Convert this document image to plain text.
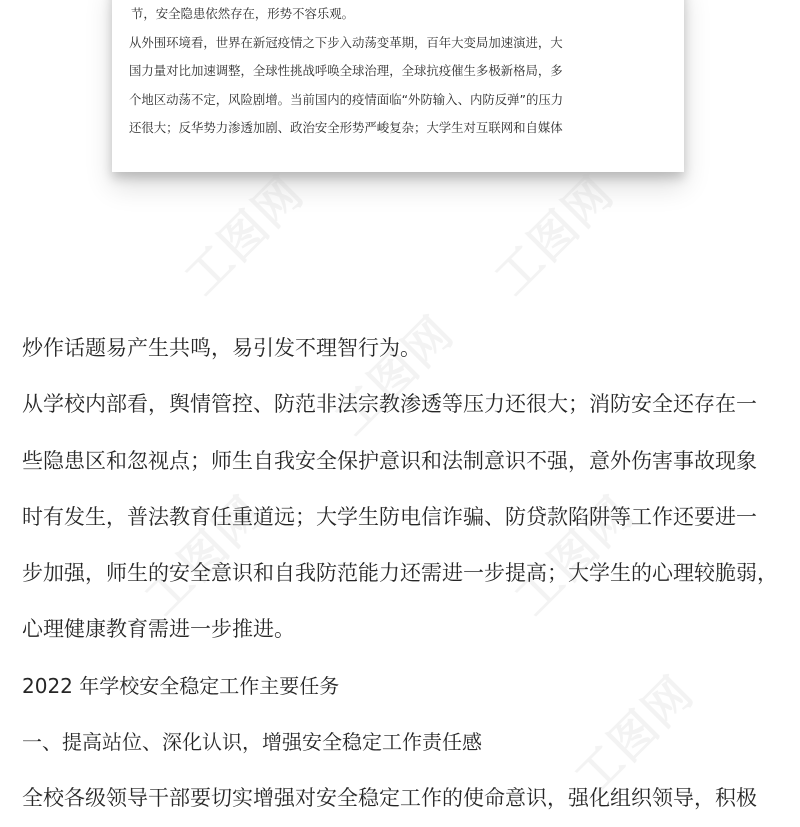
节，安全隐患依然存在，形势不容乐观。
从外围环境看，世界在新冠疫情之下步入动荡变革期，百年大变局加速演进，大
国力量对比加速调整，全球性挑战呼唤全球治理，全球抗疫催生多极新格局，多
个地区动荡不定，风险剧增。当前国内的疫情面临“外防输入、内防反弹”的压力
还很大；反华势力渗透加剧、政治安全形势严峻复杂；大学生对互联网和自媒体
工图网	工图网
工图网
工图网	工图网
工图网
炒作话题易产生共鸣，易引发不理智行为。
从学校内部看，舆情管控、防范非法宗教渗透等压力还很大；消防安全还存在一
些隐患区和忽视点；师生自我安全保护意识和法制意识不强，意外伤害事故现象
时有发生，普法教育任重道远；大学生防电信诈骗、防贷款陷阱等工作还要进一
步加强，师生的安全意识和自我防范能力还需进一步提高；大学生的心理较脆弱，
心理健康教育需进一步推进。
2022 年学校安全稳定工作主要任务
一、提高站位、深化认识，增强安全稳定工作责任感
全校各级领导干部要切实增强对安全稳定工作的使命意识，强化组织领导，积极
